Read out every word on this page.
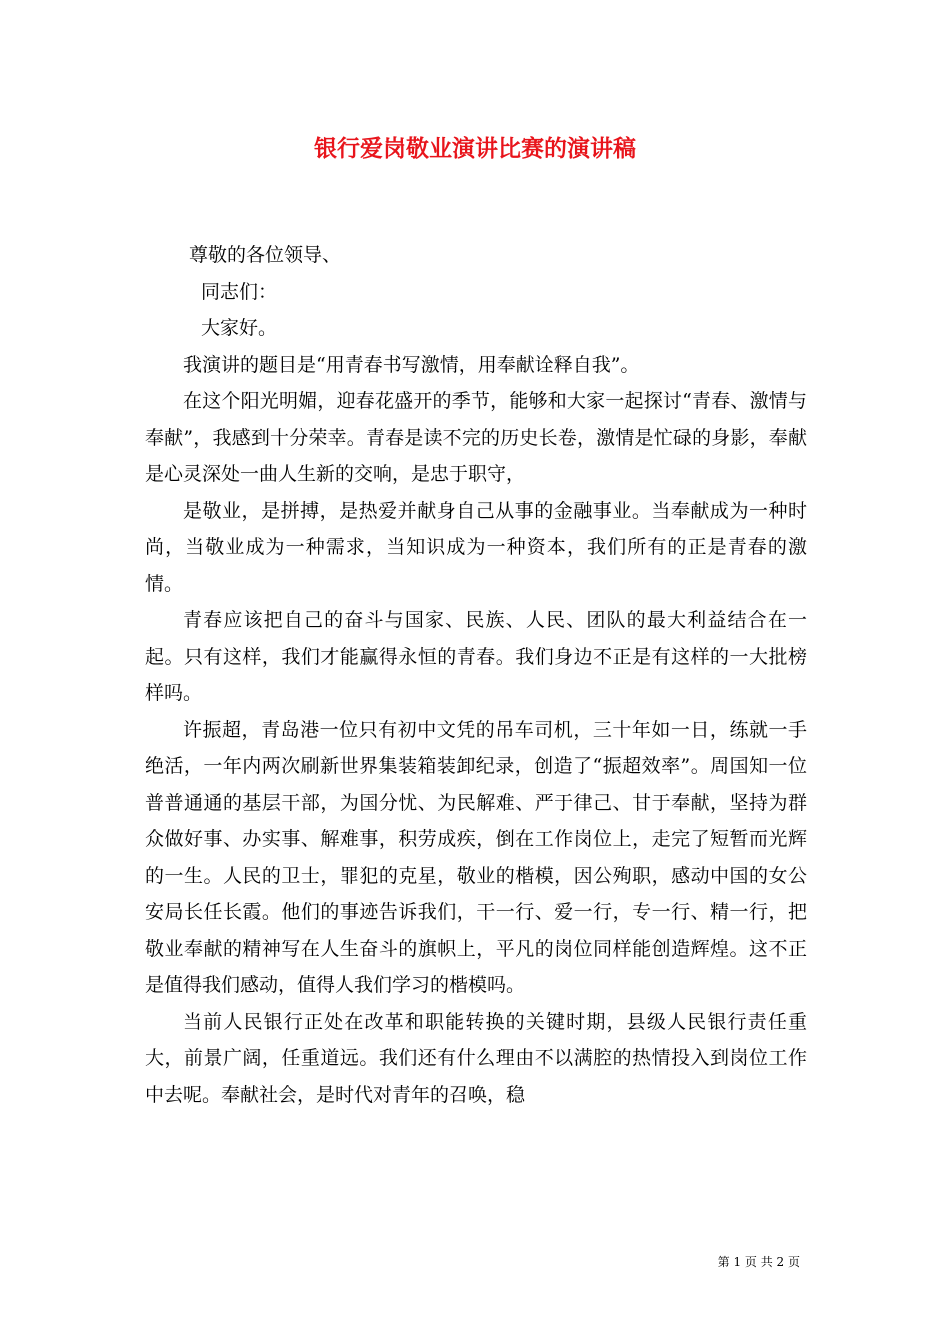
银行爱岗敬业演讲比赛的演讲稿

尊敬的各位领导、

同志们：

大家好。

我演讲的题目是“用青春书写激情，用奉献诠释自我”。

在这个阳光明媚，迎春花盛开的季节，能够和大家一起探讨“青春、激情与奉献”，我感到十分荣幸。青春是读不完的历史长卷，激情是忙碌的身影，奉献是心灵深处一曲人生新的交响，是忠于职守，

是敬业，是拼搏，是热爱并献身自己从事的金融事业。当奉献成为一种时尚，当敬业成为一种需求，当知识成为一种资本，我们所有的正是青春的激情。

青春应该把自己的奋斗与国家、民族、人民、团队的最大利益结合在一起。只有这样，我们才能赢得永恒的青春。我们身边不正是有这样的一大批榜样吗。

许振超，青岛港一位只有初中文凭的吊车司机，三十年如一日，练就一手绝活，一年内两次刷新世界集装箱装卸纪录，创造了“振超效率”。周国知一位普普通通的基层干部，为国分忧、为民解难、严于律己、甘于奉献，坚持为群众做好事、办实事、解难事，积劳成疾，倒在工作岗位上，走完了短暂而光辉的一生。人民的卫士，罪犯的克星，敬业的楷模，因公殉职，感动中国的女公安局长任长霞。他们的事迹告诉我们，干一行、爱一行，专一行、精一行，把敬业奉献的精神写在人生奋斗的旗帜上，平凡的岗位同样能创造辉煌。这不正是值得我们感动，值得人我们学习的楷模吗。

当前人民银行正处在改革和职能转换的关键时期，县级人民银行责任重大，前景广阔，任重道远。我们还有什么理由不以满腔的热情投入到岗位工作中去呢。奉献社会，是时代对青年的召唤，稳

第 1 页 共 2 页
